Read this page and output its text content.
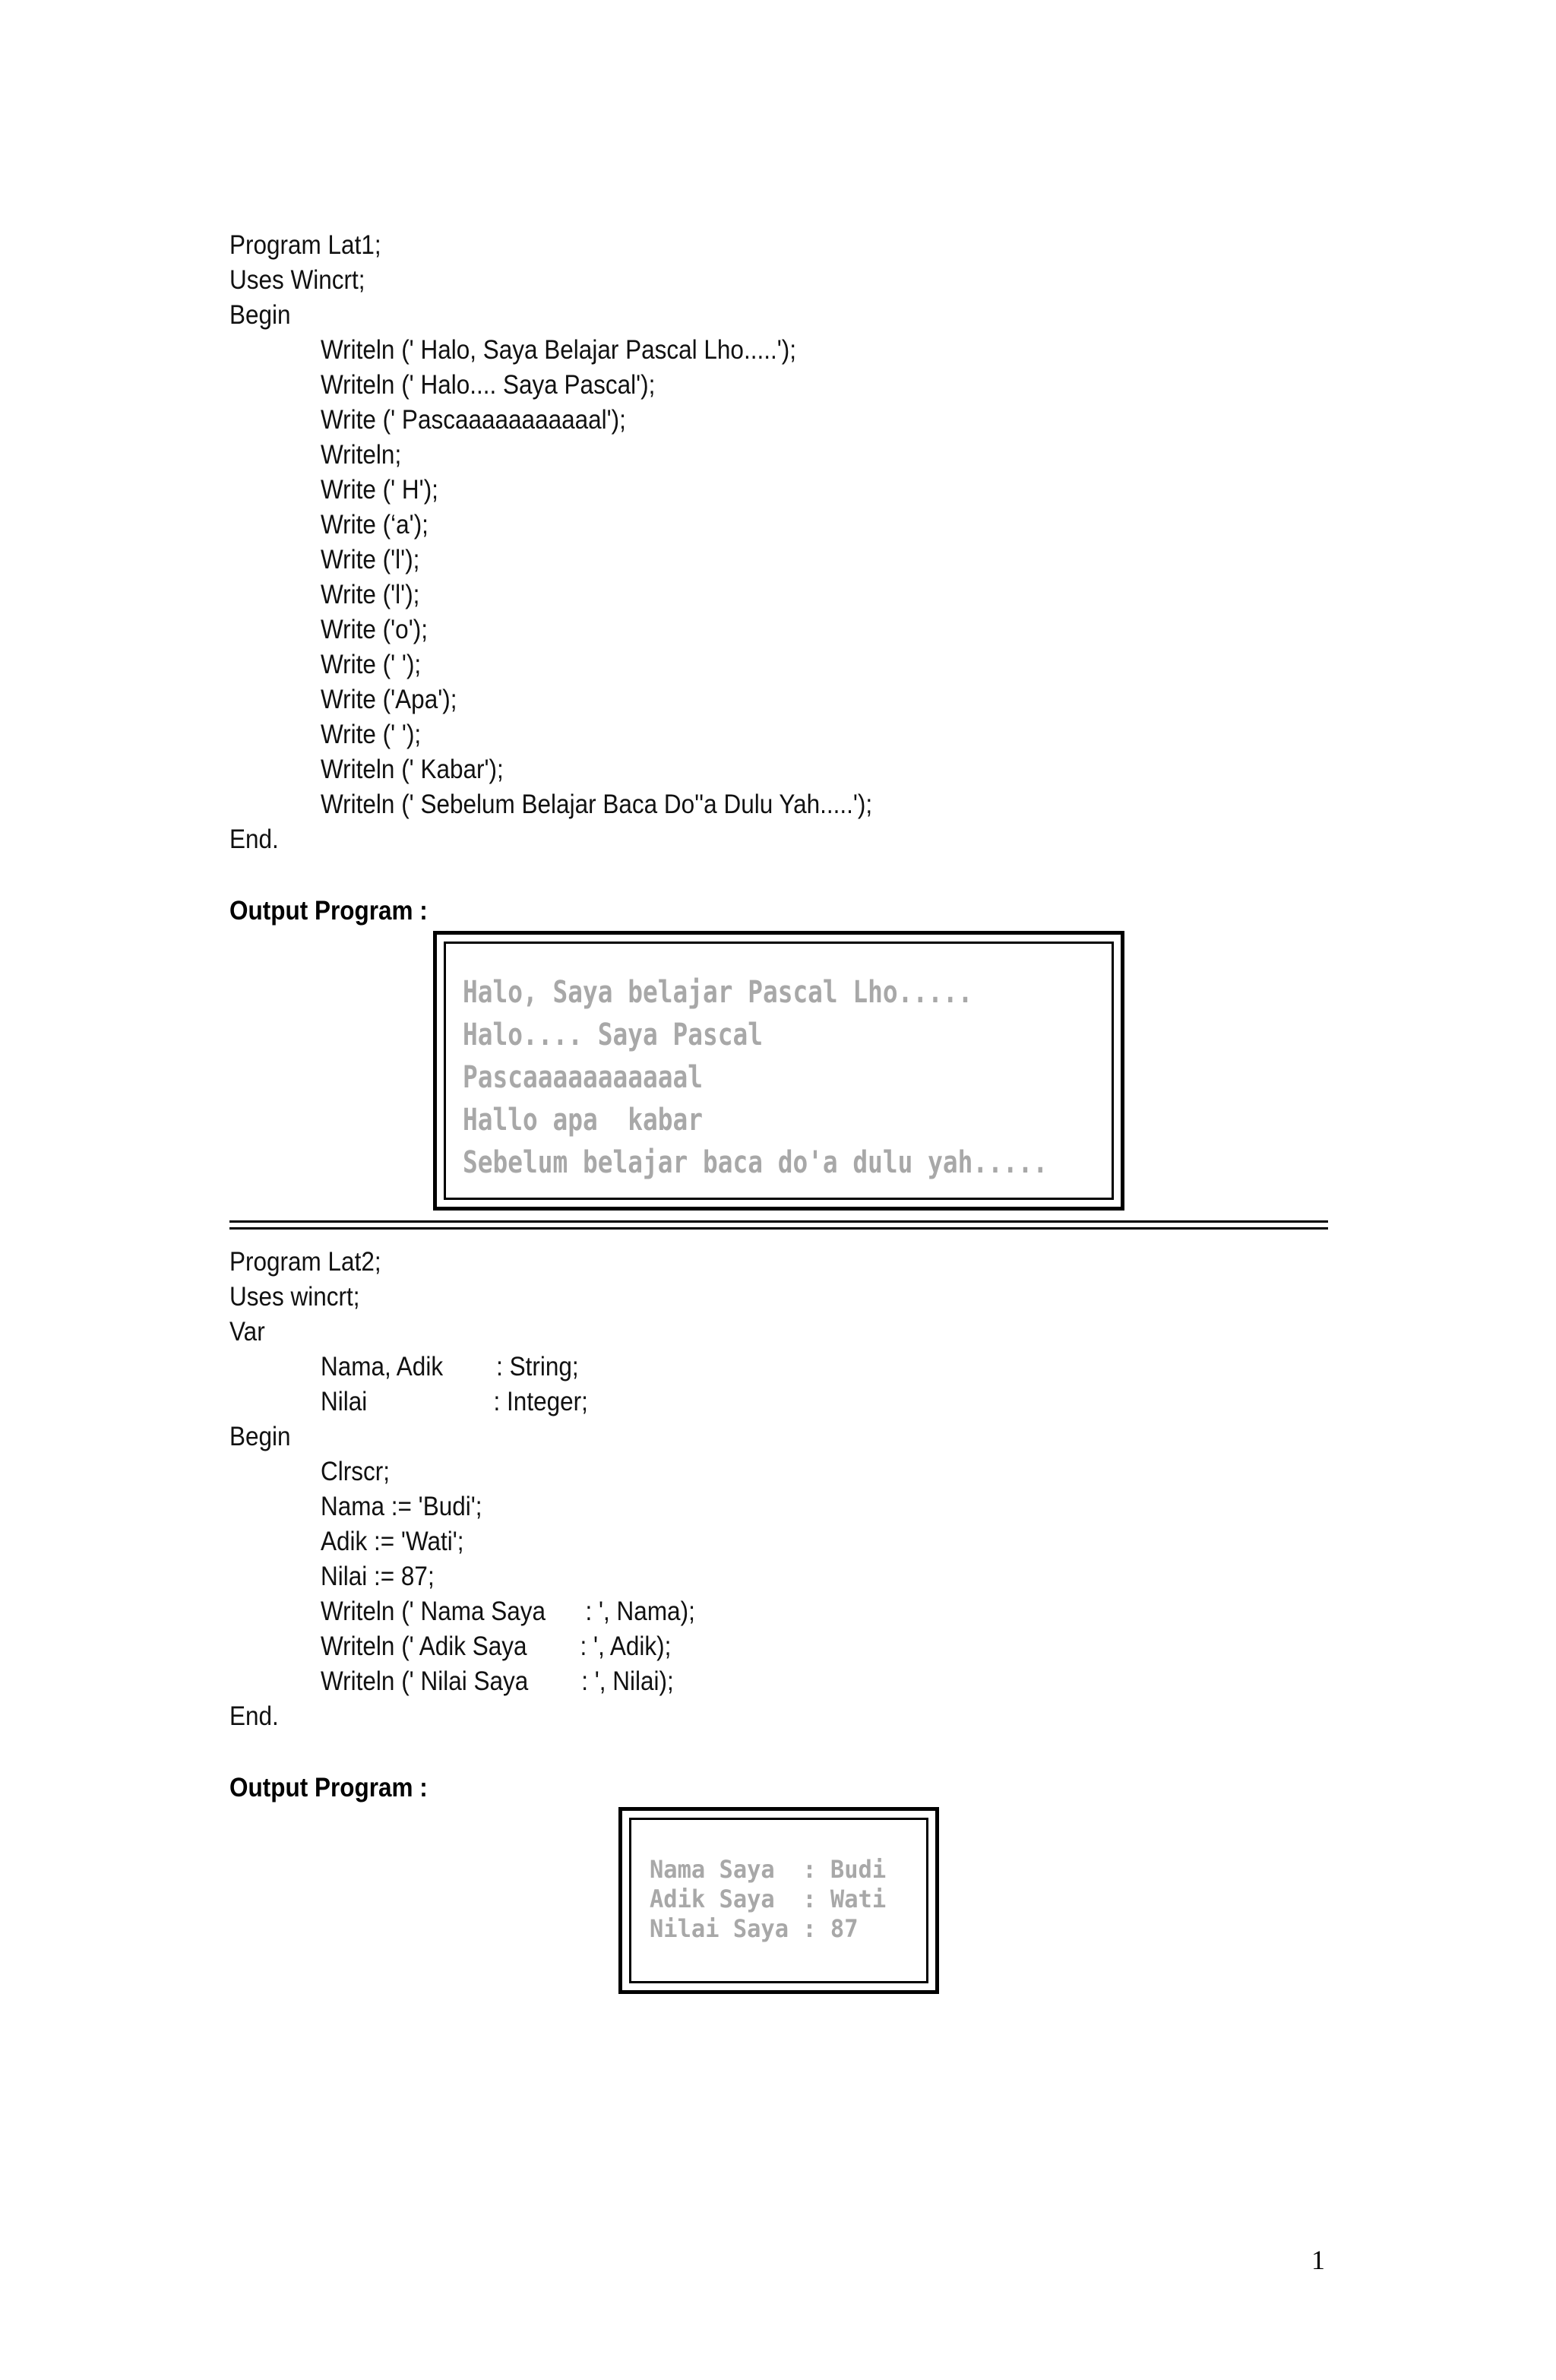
Program Lat1;
Uses Wincrt;
Begin
Writeln (' Halo, Saya Belajar Pascal Lho.....');
Writeln (' Halo.... Saya Pascal');
Write (' Pascaaaaaaaaaaal');
Writeln;
Write (' H');
Write (‘a');
Write ('l');
Write ('l');
Write ('o');
Write (' ');
Write ('Apa');
Write (' ');
Writeln (' Kabar');
Writeln (' Sebelum Belajar Baca Do''a Dulu Yah.....');
End.
Output Program :
Halo, Saya belajar Pascal Lho.....
Halo.... Saya Pascal
Pascaaaaaaaaaaal
Hallo apa  kabar
Sebelum belajar baca do'a dulu yah.....
Program Lat2;
Uses wincrt;
Var
Nama, Adik        : String;
Nilai                   : Integer;
Begin
Clrscr;
Nama := 'Budi';
Adik := 'Wati';
Nilai := 87;
Writeln (' Nama Saya      : ', Nama);
Writeln (' Adik Saya        : ', Adik);
Writeln (' Nilai Saya        : ', Nilai);
End.
Output Program :
Nama Saya  : Budi
Adik Saya  : Wati
Nilai Saya : 87
1
